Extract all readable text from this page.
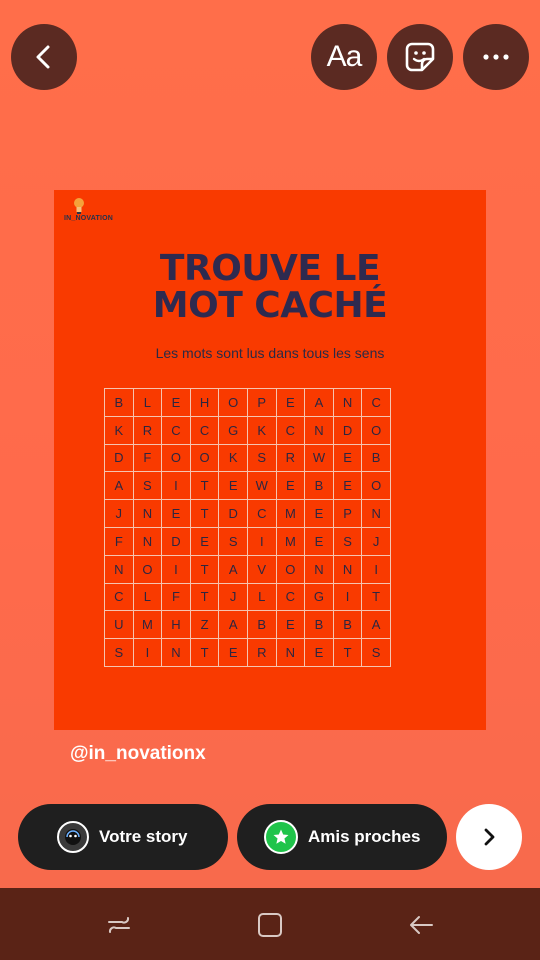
Aa
IN_NOVATION
TROUVE LE
MOT CACHÉ
Les mots sont lus dans tous les sens
B	L	E	H	O	P	E	A	N	C
K	R	C	C	G	K	C	N	D	O
D	F	O	O	K	S	R	W	E	B
A	S	I	T	E	W	E	B	E	O
J	N	E	T	D	C	M	E	P	N
F	N	D	E	S	I	M	E	S	J
N	O	I	T	A	V	O	N	N	I
C	L	F	T	J	L	C	G	I	T
U	M	H	Z	A	B	E	B	B	A
S	I	N	T	E	R	N	E	T	S
@in_novationx
Votre story	Amis proches
